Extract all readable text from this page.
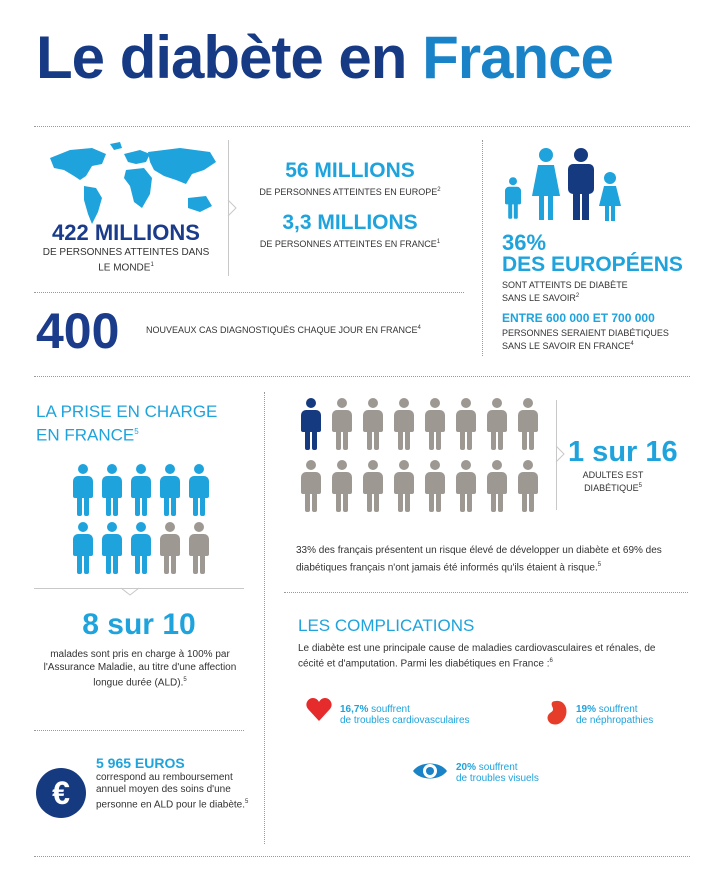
Le diabète en France
422 MILLIONS
DE PERSONNES ATTEINTES DANS LE MONDE$^1$
56 MILLIONS
DE PERSONNES ATTEINTES EN EUROPE$^2$
3,3 MILLIONS
DE PERSONNES ATTEINTES EN FRANCE$^1$
400	NOUVEAUX CAS DIAGNOSTIQUÉS CHAQUE JOUR EN FRANCE$^4$
36%
DES EUROPÉENS
SONT ATTEINTS DE DIABÈTE SANS LE SAVOIR$^2$
ENTRE 600 000 ET 700 000
PERSONNES SERAIENT DIABÉTIQUES SANS LE SAVOIR EN FRANCE$^4$
LA PRISE EN CHARGE
EN FRANCE$^5$
8 sur 10
malades sont pris en charge à 100% par l'Assurance Maladie, au titre d'une affection longue durée (ALD).$^5$
€
5 965 EUROS
correspond au remboursement annuel moyen des soins d'une personne en ALD pour le diabète.$^5$
1 sur 16
ADULTES EST
DIABÉTIQUE$^5$
33% des français présentent un risque élevé de développer un diabète et 69% des diabétiques français n'ont jamais été informés qu'ils étaient à risque.$^5$
LES COMPLICATIONS
Le diabète est une principale cause de maladies cardiovasculaires et rénales, de cécité et d'amputation. Parmi les diabétiques en France :$^6$
16,7% souffrent
de troubles cardiovasculaires
19% souffrent
de néphropathies
20% souffrent
de troubles visuels
